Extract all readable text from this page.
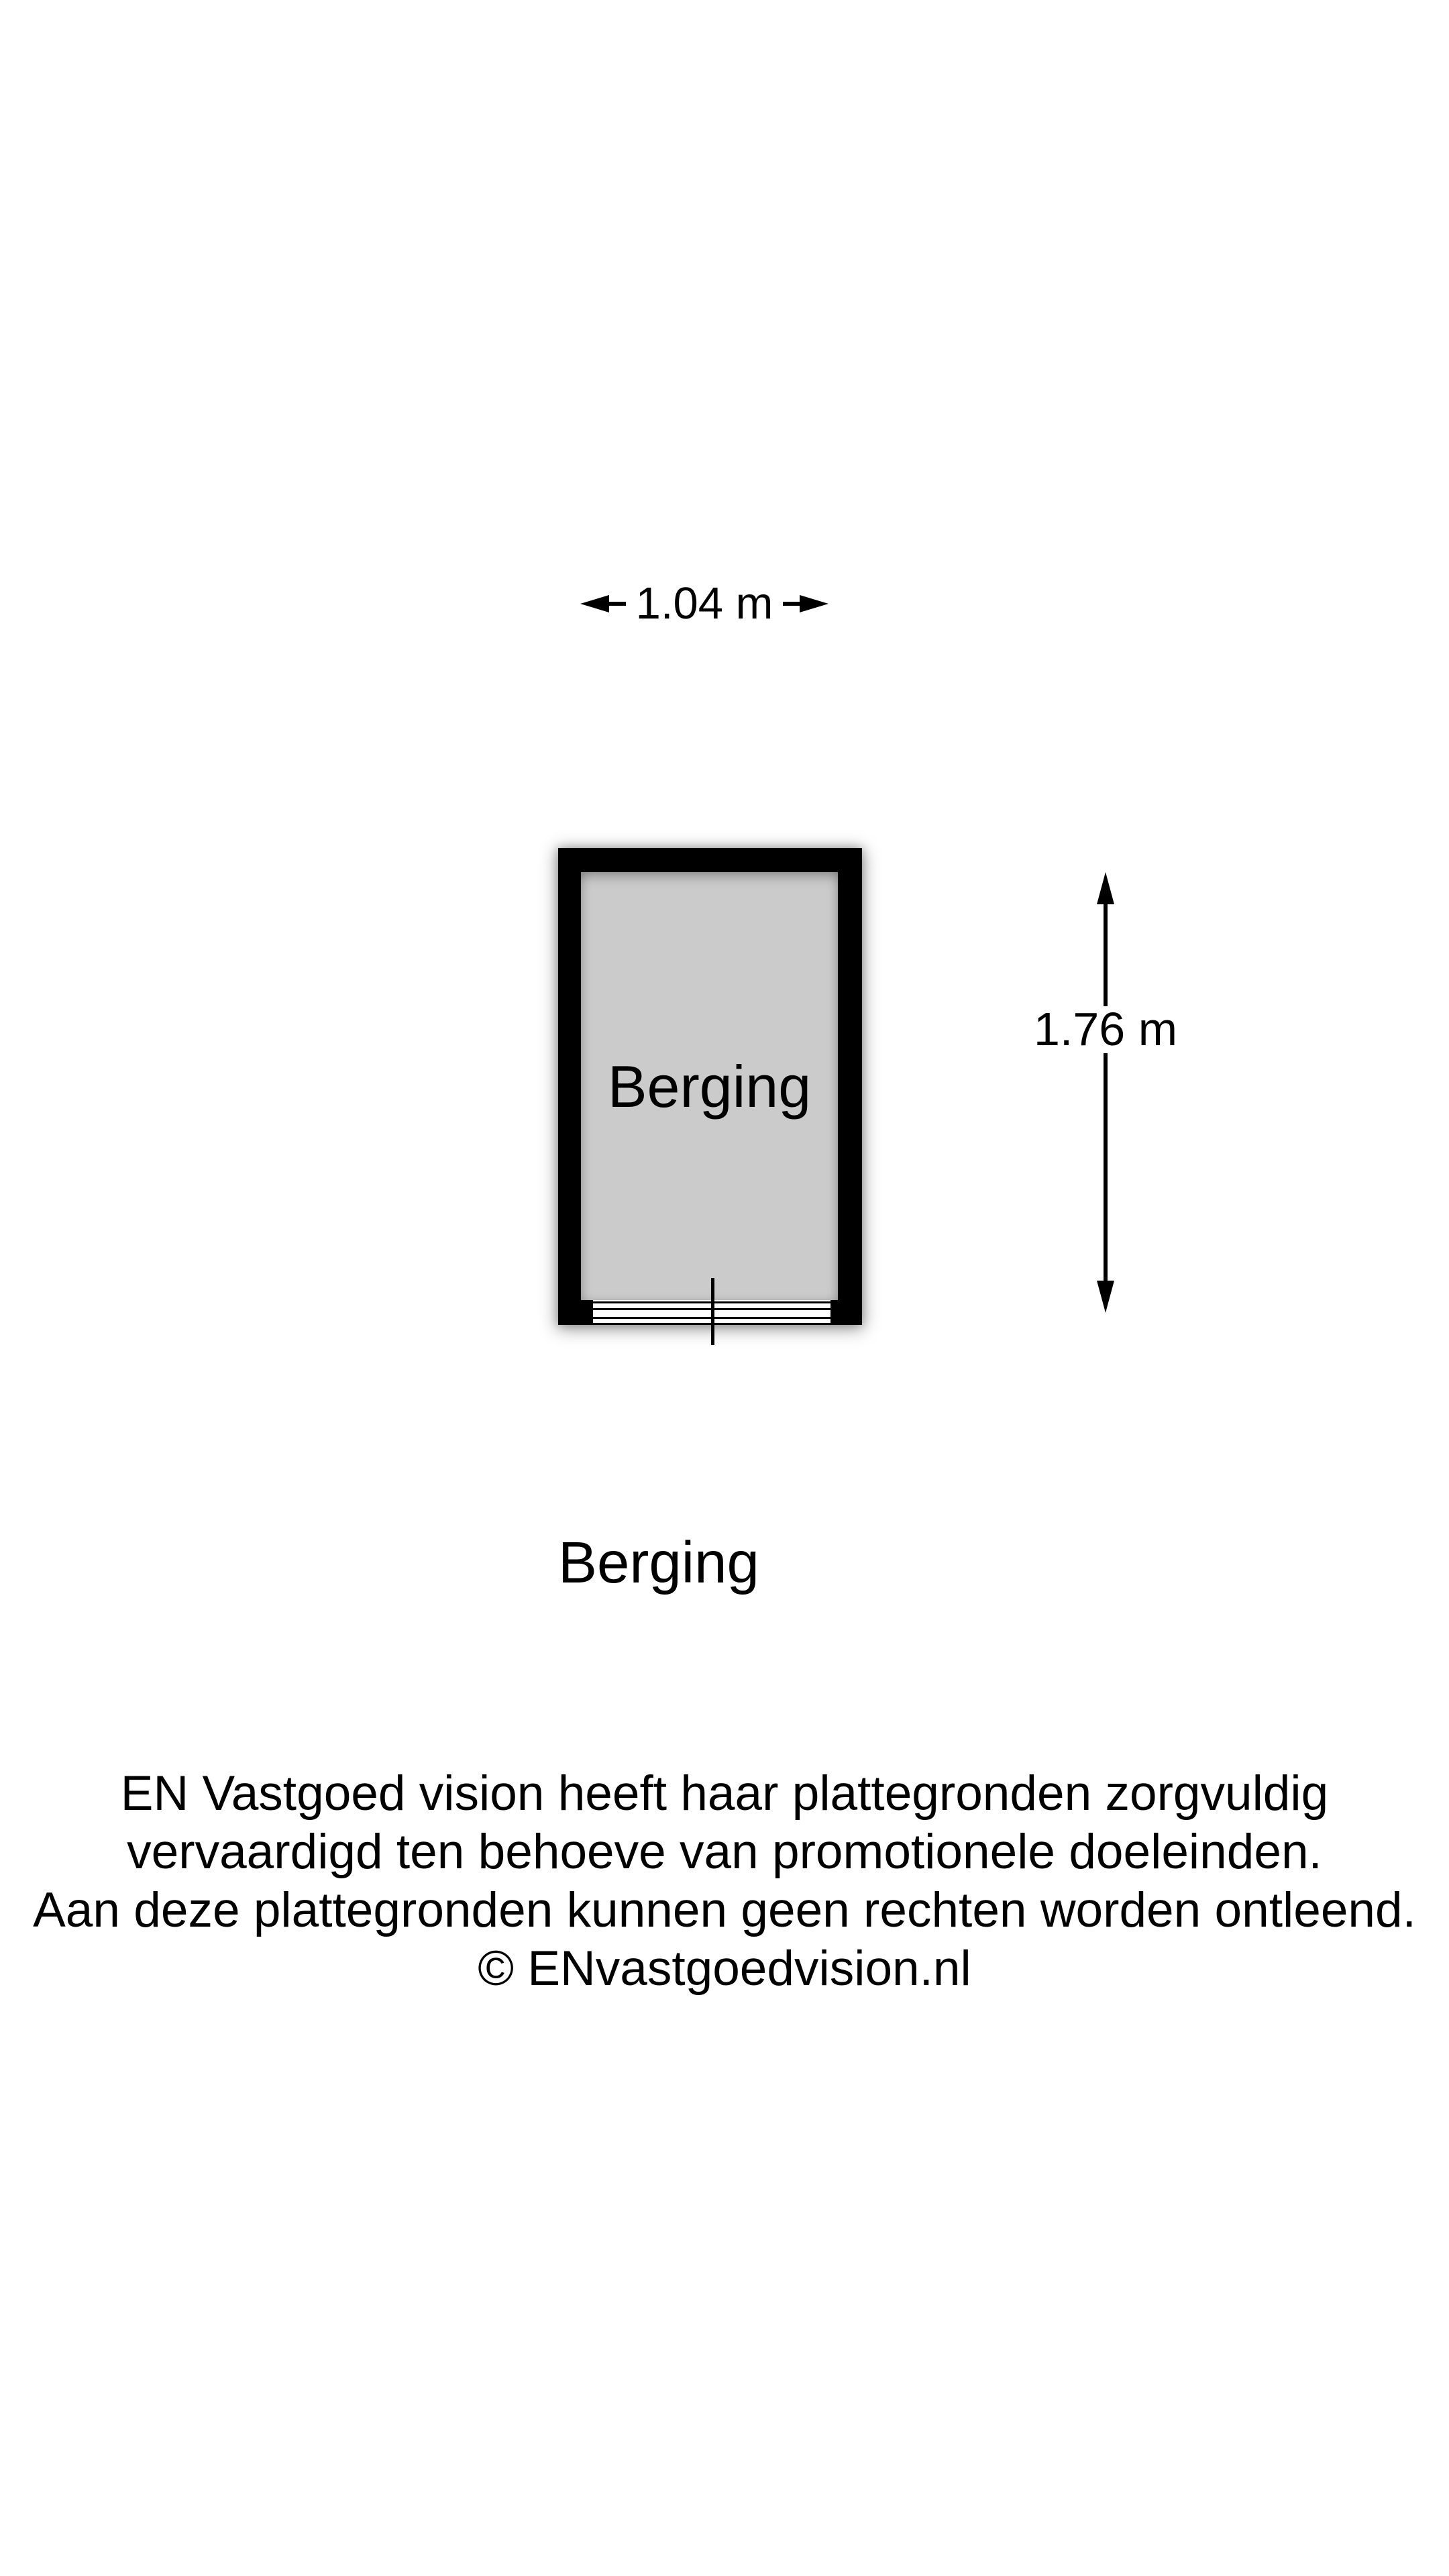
1.04 m
Berging
1.76 m
Berging
EN Vastgoed vision heeft haar plattegronden zorgvuldig
vervaardigd ten behoeve van promotionele doeleinden.
Aan deze plattegronden kunnen geen rechten worden ontleend.
© ENvastgoedvision.nl
